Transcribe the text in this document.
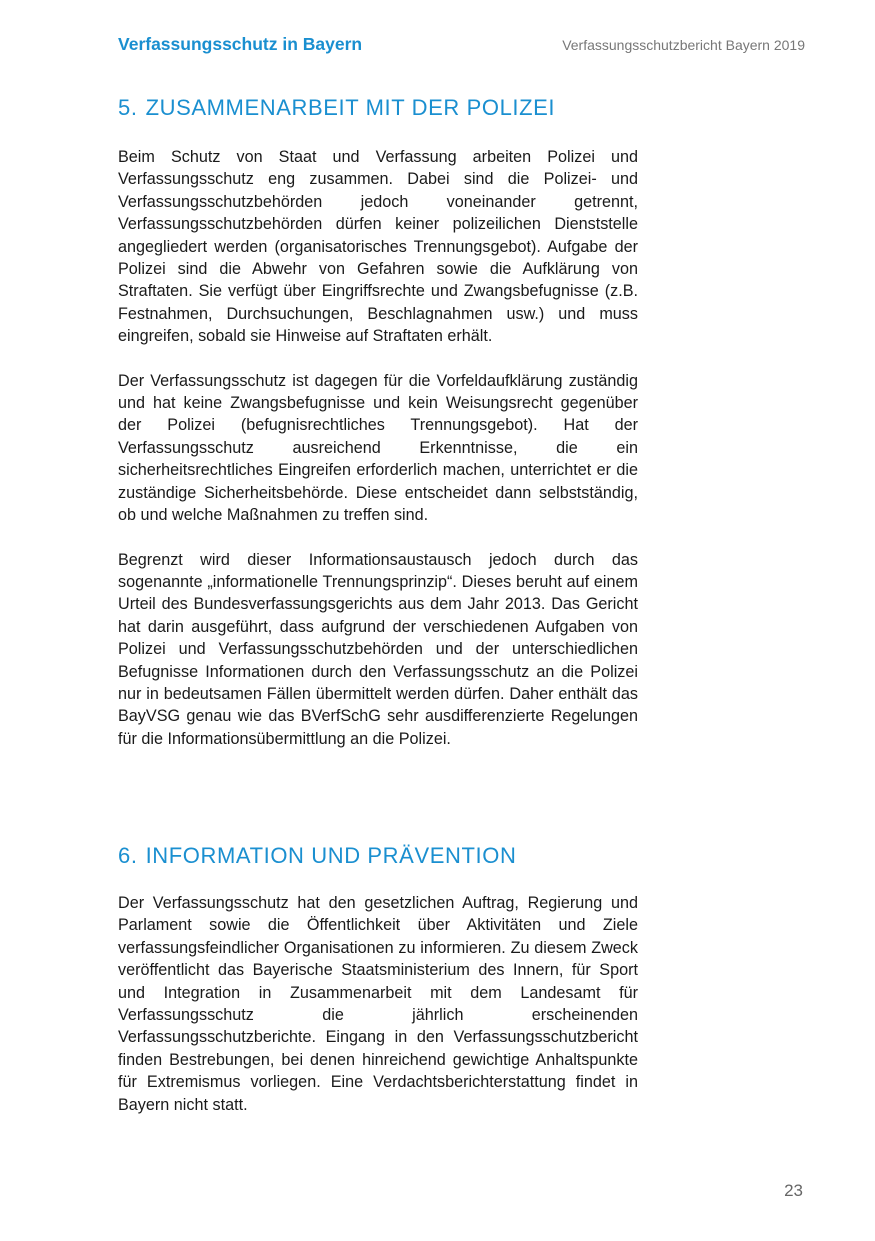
Verfassungsschutz in Bayern	Verfassungsschutzbericht Bayern 2019
5. ZUSAMMENARBEIT MIT DER POLIZEI

Beim Schutz von Staat und Verfassung arbeiten Polizei und Verfassungsschutz eng zusammen. Dabei sind die Polizei- und Verfassungsschutzbehörden jedoch voneinander getrennt, Verfassungsschutzbehörden dürfen keiner polizeilichen Dienststelle angegliedert werden (organisatorisches Trennungsgebot). Aufgabe der Polizei sind die Abwehr von Gefahren sowie die Aufklärung von Straftaten. Sie verfügt über Eingriffsrechte und Zwangsbefugnisse (z.B. Festnahmen, Durchsuchungen, Beschlagnahmen usw.) und muss eingreifen, sobald sie Hinweise auf Straftaten erhält.

Der Verfassungsschutz ist dagegen für die Vorfeldaufklärung zuständig und hat keine Zwangsbefugnisse und kein Weisungsrecht gegenüber der Polizei (befugnisrechtliches Trennungsgebot). Hat der Verfassungsschutz ausreichend Erkenntnisse, die ein sicherheitsrechtliches Eingreifen erforderlich machen, unterrichtet er die zuständige Sicherheitsbehörde. Diese entscheidet dann selbstständig, ob und welche Maßnahmen zu treffen sind.

Begrenzt wird dieser Informationsaustausch jedoch durch das sogenannte „informationelle Trennungsprinzip“. Dieses beruht auf einem Urteil des Bundesverfassungsgerichts aus dem Jahr 2013. Das Gericht hat darin ausgeführt, dass aufgrund der verschiedenen Aufgaben von Polizei und Verfassungsschutzbehörden und der unterschiedlichen Befugnisse Informationen durch den Verfassungsschutz an die Polizei nur in bedeutsamen Fällen übermittelt werden dürfen. Daher enthält das BayVSG genau wie das BVerfSchG sehr ausdifferenzierte Regelungen für die Informationsübermittlung an die Polizei.

6. INFORMATION UND PRÄVENTION

Der Verfassungsschutz hat den gesetzlichen Auftrag, Regierung und Parlament sowie die Öffentlichkeit über Aktivitäten und Ziele verfassungsfeindlicher Organisationen zu informieren. Zu diesem Zweck veröffentlicht das Bayerische Staatsministerium des Innern, für Sport und Integration in Zusammenarbeit mit dem Landesamt für Verfassungsschutz die jährlich erscheinenden Verfassungsschutzberichte. Eingang in den Verfassungsschutzbericht finden Bestrebungen, bei denen hinreichend gewichtige Anhaltspunkte für Extremismus vorliegen. Eine Verdachtsberichterstattung findet in Bayern nicht statt.

23
